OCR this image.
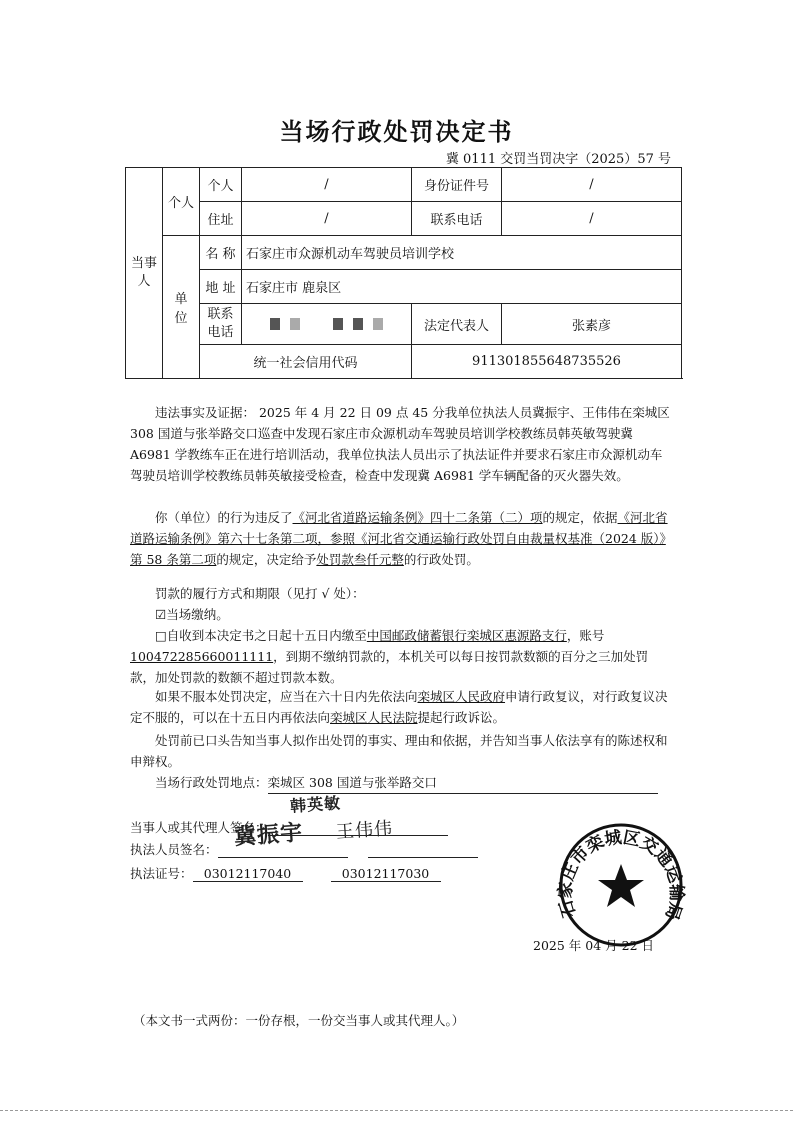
当场行政处罚决定书
冀 0111 交罚当罚决字（2025）57 号
当事人	个人	个人	/	身份证件号	/
		住址	/	联系电话	/
	单 位	名 称	石家庄市众源机动车驾驶员培训学校		
		地 址	石家庄市 鹿泉区		
		联系电话		法定代表人	张素彦
		统一社会信用代码		911301855648735526	
违法事实及证据： 2025 年 4 月 22 日 09 点 45 分我单位执法人员冀振宇、王伟伟在栾城区 308 国道与张举路交口巡查中发现石家庄市众源机动车驾驶员培训学校教练员韩英敏驾驶冀 A6981 学教练车正在进行培训活动，我单位执法人员出示了执法证件并要求石家庄市众源机动车驾驶员培训学校教练员韩英敏接受检查，检查中发现冀 A6981 学车辆配备的灭火器失效。
你（单位）的行为违反了《河北省道路运输条例》四十二条第（二）项的规定，依据《河北省道路运输条例》第六十七条第二项，参照《河北省交通运输行政处罚自由裁量权基准（2024 版）》第 58 条第二项的规定，决定给予处罚款叁仟元整的行政处罚。
罚款的履行方式和期限（见打 √ 处）：
☑当场缴纳。
□自收到本决定书之日起十五日内缴至中国邮政储蓄银行栾城区惠源路支行，账号100472285660011111，到期不缴纳罚款的，本机关可以每日按罚款数额的百分之三加处罚款，加处罚款的数额不超过罚款本数。
如果不服本处罚决定，应当在六十日内先依法向栾城区人民政府申请行政复议，对行政复议决定不服的，可以在十五日内再依法向栾城区人民法院提起行政诉讼。
处罚前已口头告知当事人拟作出处罚的事实、理由和依据，并告知当事人依法享有的陈述权和申辩权。
当场行政处罚地点：栾城区 308 国道与张举路交口
当事人或其代理人签名：
执法人员签名：
执法证号： 03012117040	03012117030
韩英敏
冀振宇 王伟伟
石家庄市栾城区交通运输局
2025 年 04 月 22 日
（本文书一式两份：一份存根，一份交当事人或其代理人。）
